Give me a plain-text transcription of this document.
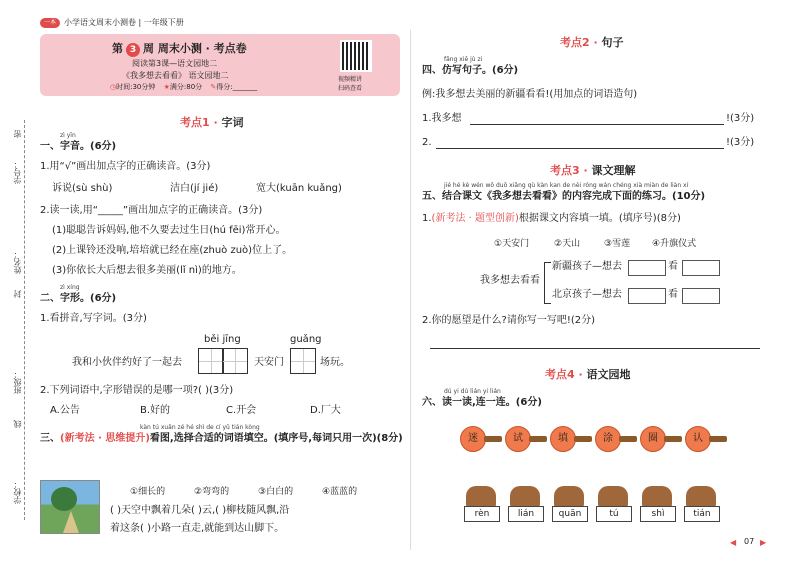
一本	小学语文周末小测卷 | 一年级下册
第 3 周 周末小测 · 考点卷
阅读第3课—语文园地二
《我多想去看看》 语文园地二
◷时间:30分钟 ★满分:80分 ✎得分:_______
视频精讲
扫码查看
密
学号：
姓名：
封
班级：
线
学校：
考点1 · 字词
zì yīn
一、字音。(6分)
1.用“√”画出加点字的正确读音。(3分)
诉说(sù shù)	洁白(jí jié)	宽大(kuān kuǎng)
2.读一读,用“_____”画出加点字的正确读音。(3分)
(1)聪聪告诉妈妈,他不久要去过生日(hú fēi)常开心。
(2)上课铃还没响,培培就已经在座(zhuò zuò)位上了。
(3)你依长大后想去很多美丽(lǐ nì)的地方。
zì xíng
二、字形。(6分)
1.看拼音,写字词。(3分)
běi jīng	guǎng
我和小伙伴约好了一起去	天安门	场玩。
2.下列词语中,字形错误的是哪一项?( )(3分)
A.公告	B.好的	C.开会	D.厂大
kàn tú xuǎn zé hé shì de cí yǔ tián kòng
三、(新考法 · 思维提升)看图,选择合适的词语填空。(填序号,每词只用一次)(8分)
①细长的	②弯弯的	③白白的	④蓝蓝的
( )天空中飘着几朵( )云,( )柳枝随风飘,沿
着这条( )小路一直走,就能到达山脚下。
考点2 · 句子
fǎng xiě jù zi
四、仿写句子。(6分)
例:我多想去美丽的新疆看看!(用加点的词语造句)
1.我多想	!(3分)
2.	!(3分)
考点3 · 课文理解
jié hé kè wén wǒ duō xiǎng qù kàn kan de nèi róng wán chéng xià miàn de liàn xí
五、结合课文《我多想去看看》的内容完成下面的练习。(10分)
1.(新考法 · 题型创新)根据课文内容填一填。(填序号)(8分)
①天安门	②天山	③雪莲 ④升旗仪式
我多想去看看
新疆孩子—想去	看
北京孩子—想去	看
2.你的愿望是什么?请你写一写吧!(2分)
考点4 · 语文园地
dú yi dú lián yi lián
六、读一读,连一连。(6分)
迷	试	填	涂	圈	认
rèn	lián	quān	tú	shì	tián
◀ 07 ▶
